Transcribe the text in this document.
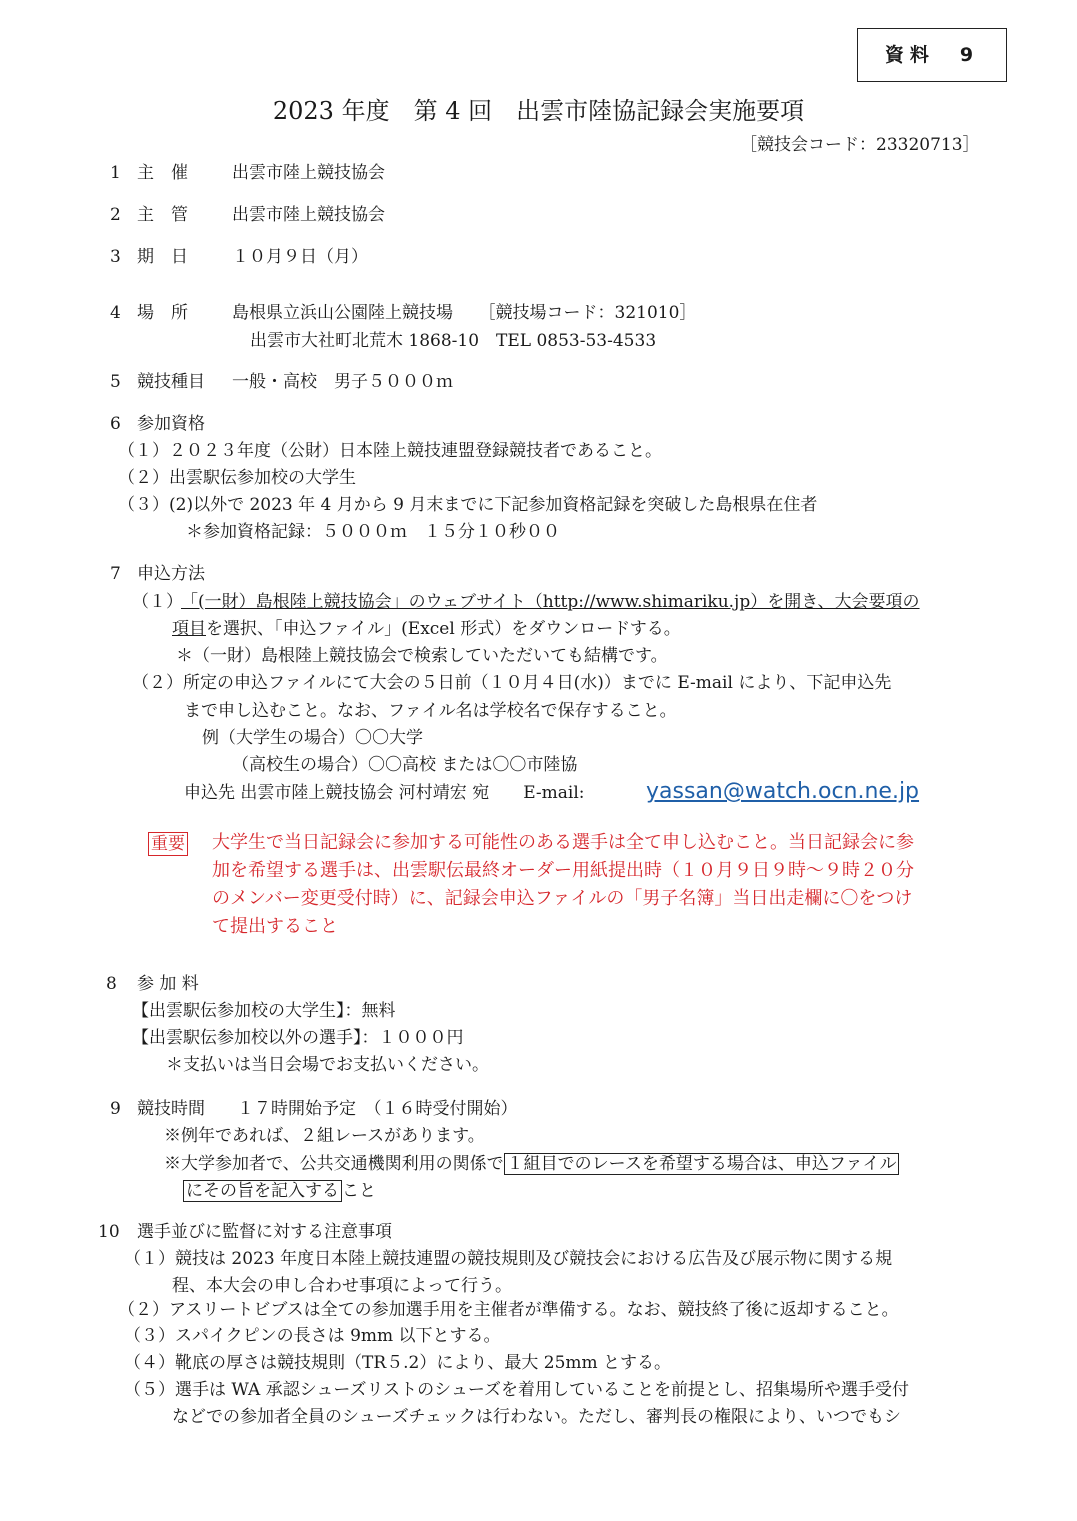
資料　9
2023 年度　第 4 回　出雲市陸協記録会実施要項
［競技会コード：23320713］
1 主　催	出雲市陸上競技協会
2 主　管	出雲市陸上競技協会
3 期　日	１０月９日（月）
4 場　所	島根県立浜山公園陸上競技場　　［競技場コード：321010］
出雲市大社町北荒木 1868-10　TEL 0853-53-4533
5 競技種目 一般・高校　男子５０００ｍ
6 参加資格
（１）２０２３年度（公財）日本陸上競技連盟登録競技者であること。
（２）出雲駅伝参加校の大学生
（３）(2)以外で 2023 年 4 月から 9 月末までに下記参加資格記録を突破した島根県在住者
＊参加資格記録：５０００ｍ　１５分１０秒００
7 申込方法
（１）
「(一財）島根陸上競技協会」のウェブサイト（http://www.shimariku.jp）を開き、大会要項の
項目を選択、「申込ファイル」(Excel 形式）をダウンロードする。
＊（一財）島根陸上競技協会で検索していただいても結構です。
（２）所定の申込ファイルにて大会の５日前（１０月４日(水)）までに E-mail により、下記申込先
まで申し込むこと。なお、ファイル名は学校名で保存すること。
例（大学生の場合）〇〇大学
（高校生の場合）〇〇高校 または〇〇市陸協
申込先 出雲市陸上競技協会 河村靖宏 宛　　E-mail:	yassan@watch.ocn.ne.jp
重要 大学生で当日記録会に参加する可能性のある選手は全て申し込むこと。当日記録会に参
加を希望する選手は、出雲駅伝最終オーダー用紙提出時（１０月９日９時～９時２０分
のメンバー変更受付時）に、記録会申込ファイルの「男子名簿」当日出走欄に〇をつけ
て提出すること
8 参 加 料
【出雲駅伝参加校の大学生】：無料
【出雲駅伝参加校以外の選手】：１０００円
＊支払いは当日会場でお支払いください。
9 競技時間 １７時開始予定　（１６時受付開始）
※例年であれば、２組レースがあります。
※大学参加者で、公共交通機関利用の関係で １組目でのレースを希望する場合は、申込ファイル
にその旨を記入する こと
10 選手並びに監督に対する注意事項
（１）競技は 2023 年度日本陸上競技連盟の競技規則及び競技会における広告及び展示物に関する規
程、本大会の申し合わせ事項によって行う。
（２）アスリートビブスは全ての参加選手用を主催者が準備する。なお、競技終了後に返却すること。
（３）スパイクピンの長さは 9mm 以下とする。
（４）靴底の厚さは競技規則（TR５.2）により、最大 25mm とする。
（５）選手は WA 承認シューズリストのシューズを着用していることを前提とし、招集場所や選手受付
などでの参加者全員のシューズチェックは行わない。ただし、審判長の権限により、いつでもシ
